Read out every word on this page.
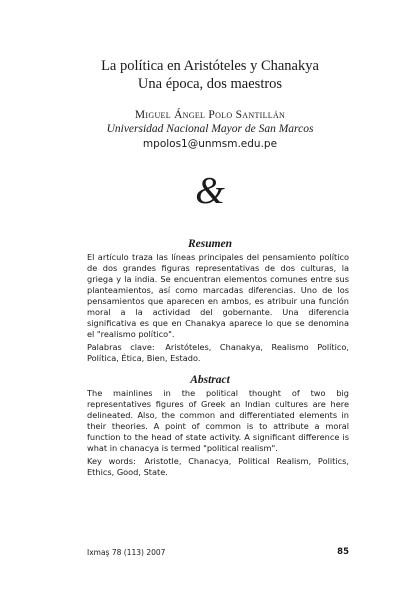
La política en Aristóteles y Chanakya
Una época, dos maestros
Miguel Ángel Polo Santillán
Universidad Nacional Mayor de San Marcos
mpolos1@unmsm.edu.pe
&
Resumen

El artículo traza las líneas principales del pensamiento político de dos grandes figuras representativas de dos culturas, la griega y la india. Se encuentran elementos comunes entre sus planteamientos, así como marcadas diferencias. Uno de los pensamientos que aparecen en ambos, es atribuir una función moral a la actividad del gobernante. Una diferencia significativa es que en Chanakya aparece lo que se denomina el "realismo político".

Palabras clave: Aristóteles, Chanakya, Realismo Político, Política, Ética, Bien, Estado.

Abstract

The mainlines in the political thought of two big representatives figures of Greek an Indian cultures are here delineated. Also, the common and differentiated elements in their theories. A point of common is to attribute a moral function to the head of state activity. A significant difference is what in chanacya is termed "political realism".

Key words: Aristotle, Chanacya, Political Realism, Politics, Ethics, Good, State.

Ixmaş 78 (113) 2007	85
